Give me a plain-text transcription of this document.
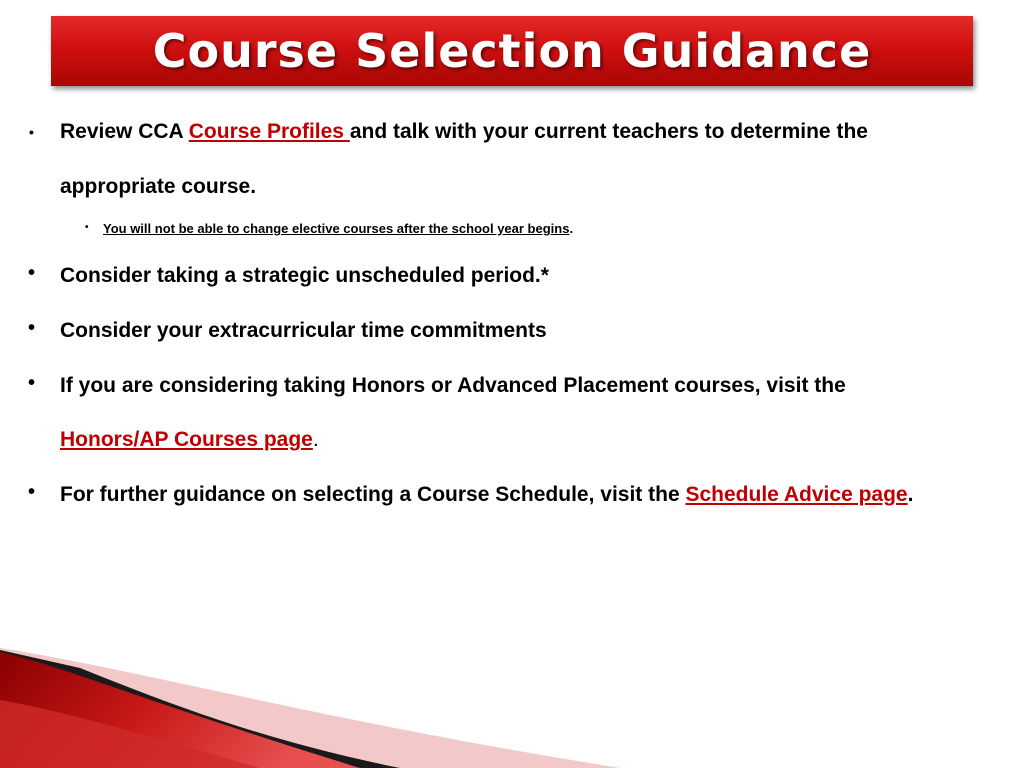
Course Selection Guidance
• Review CCA Course Profiles and talk with your current teachers to determine the
appropriate course.
• You will not be able to change elective courses after the school year begins.
• Consider taking a strategic unscheduled period.*
• Consider your extracurricular time commitments
• If you are considering taking Honors or Advanced Placement courses, visit the
Honors/AP Courses page.
• For further guidance on selecting a Course Schedule, visit the Schedule Advice page.
